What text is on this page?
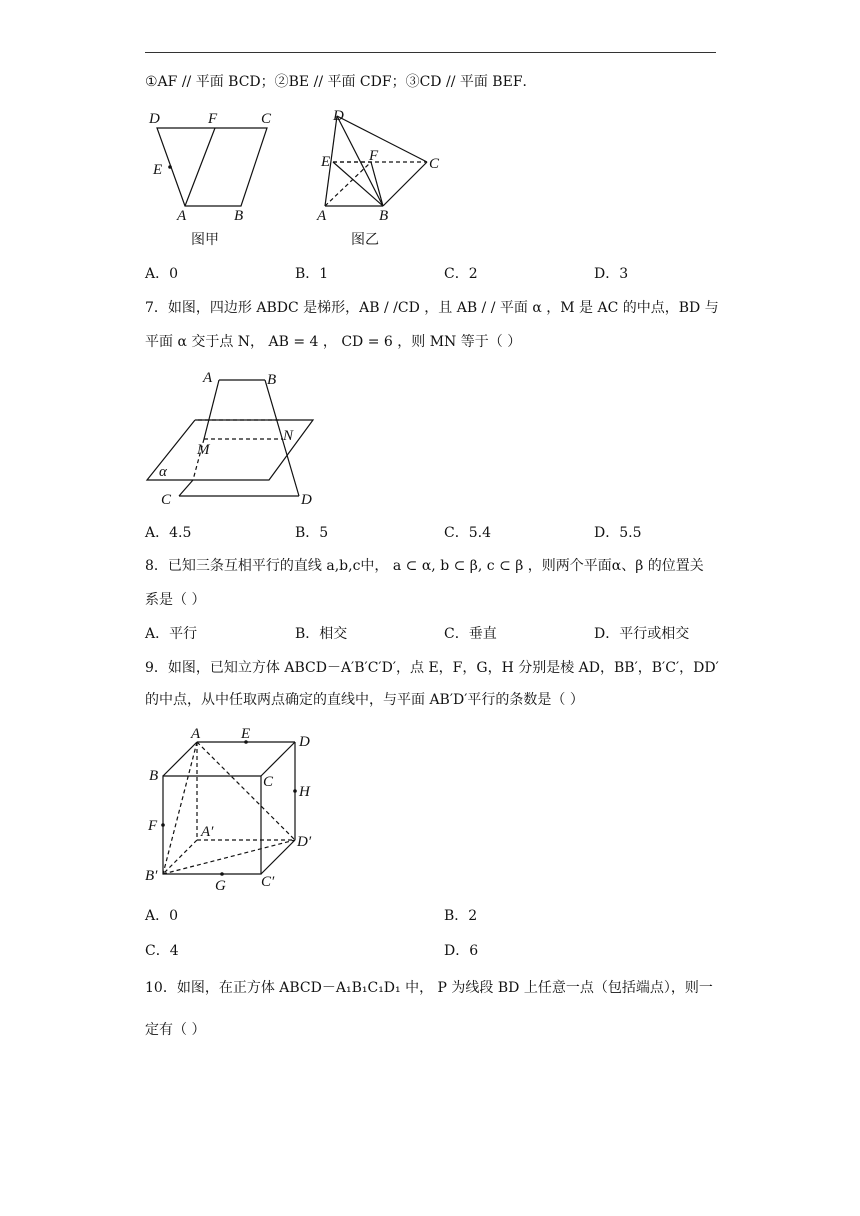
①AF // 平面 BCD；②BE // 平面 CDF；③CD // 平面 BEF．
D	F	C
E
A	B
图甲
D
E	F	C
A	B
图乙
A．0	B．1	C．2	D．3
7．如图，四边形 ABDC 是梯形，AB / /CD ，且 AB / / 平面 α ，M 是 AC 的中点，BD 与
平面 α 交于点 N， AB = 4 ， CD = 6 ，则 MN 等于（ ）
A	B
M
N
α
C	D
A．4.5	B．5	C．5.4	D．5.5
8．已知三条互相平行的直线 a,b,c中， a ⊂ α, b ⊂ β, c ⊂ β ，则两个平面α、β 的位置关
系是（ ）
A．平行	B．相交	C．垂直	D．平行或相交
9．如图，已知立方体 ABCD－A′B′C′D′，点 E，F，G，H 分别是棱 AD，BB′，B′C′，DD′
的中点，从中任取两点确定的直线中，与平面 AB′D′平行的条数是（ ）
A	E	D
B	C
H
F	A′
D′
B′
G C′
A．0	B．2
C．4	D．6
10．如图，在正方体 ABCD－A₁B₁C₁D₁ 中， P 为线段 BD 上任意一点（包括端点），则一
定有（ ）
